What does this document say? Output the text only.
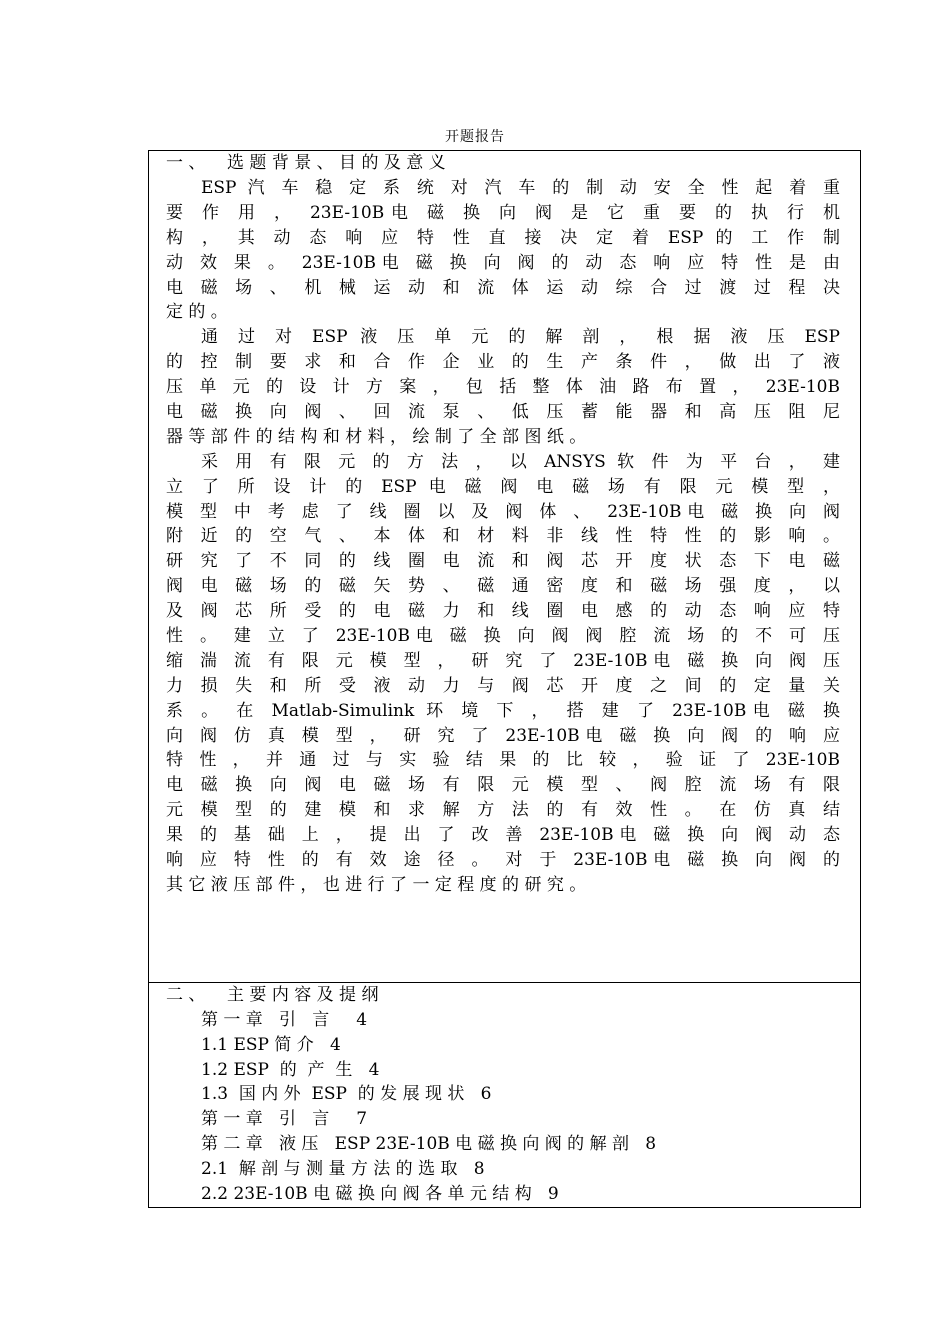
开题报告
一 、    选 题 背 景 、 目 的 及 意 义
ESP 汽 车 稳 定 系 统 对 汽 车 的 制 动 安 全 性 起 着 重
要 作 用 ， 23E-10B电 磁 换 向 阀 是 它 重 要 的 执 行 机
构 ， 其 动 态 响 应 特 性 直 接 决 定 着 ESP 的 工 作 制
动 效 果 。 23E-10B电 磁 换 向 阀 的 动 态 响 应 特 性 是 由
电 磁 场 、 机 械 运 动 和 流 体 运 动 综 合 过 渡 过 程 决
定 的 。
通 过 对 ESP 液 压 单 元 的 解 剖 ， 根 据 液 压 ESP
的 控 制 要 求 和 合 作 企 业 的 生 产 条 件 ， 做 出 了 液
压 单 元 的 设 计 方 案 ， 包 括 整 体 油 路 布 置 ， 23E-10B
电 磁 换 向 阀 、 回 流 泵 、 低 压 蓄 能 器 和 高 压 阻 尼
器 等 部 件 的 结 构 和 材 料 ， 绘 制 了 全 部 图 纸 。
采 用 有 限 元 的 方 法 ， 以 ANSYS 软 件 为 平 台 ， 建
立 了 所 设 计 的 ESP 电 磁 阀 电 磁 场 有 限 元 模 型 ，
模 型 中 考 虑 了 线 圈 以 及 阀 体 、 23E-10B电 磁 换 向 阀
附 近 的 空 气 、 本 体 和 材 料 非 线 性 特 性 的 影 响 。
研 究 了 不 同 的 线 圈 电 流 和 阀 芯 开 度 状 态 下 电 磁
阀 电 磁 场 的 磁 矢 势 、 磁 通 密 度 和 磁 场 强 度 ， 以
及 阀 芯 所 受 的 电 磁 力 和 线 圈 电 感 的 动 态 响 应 特
性 。 建 立 了 23E-10B电 磁 换 向 阀 阀 腔 流 场 的 不 可 压
缩 湍 流 有 限 元 模 型 ， 研 究 了 23E-10B电 磁 换 向 阀 压
力 损 失 和 所 受 液 动 力 与 阀 芯 开 度 之 间 的 定 量 关
系 。 在 Matlab-Simulink 环 境 下 ， 搭 建 了 23E-10B电 磁 换
向 阀 仿 真 模 型 ， 研 究 了 23E-10B电 磁 换 向 阀 的 响 应
特 性 ， 并 通 过 与 实 验 结 果 的 比 较 ， 验 证 了 23E-10B
电 磁 换 向 阀 电 磁 场 有 限 元 模 型 、 阀 腔 流 场 有 限
元 模 型 的 建 模 和 求 解 方 法 的 有 效 性 。 在 仿 真 结
果 的 基 础 上 ， 提 出 了 改 善 23E-10B电 磁 换 向 阀 动 态
响 应 特 性 的 有 效 途 径 。 对 于 23E-10B电 磁 换 向 阀 的
其 它 液 压 部 件 ， 也 进 行 了 一 定 程 度 的 研 究 。
二 、    主 要 内 容 及 提 纲
第 一 章   引   言     4
1.1 ESP 简 介   4
1.2 ESP  的  产  生   4
1.3  国 内 外  ESP  的 发 展 现 状   6
第 一 章   引   言     7
第 二 章   液 压   ESP 23E-10B 电 磁 换 向 阀 的 解 剖   8
2.1  解 剖 与 测 量 方 法 的 选 取   8
2.2 23E-10B 电 磁 换 向 阀 各 单 元 结 构   9
